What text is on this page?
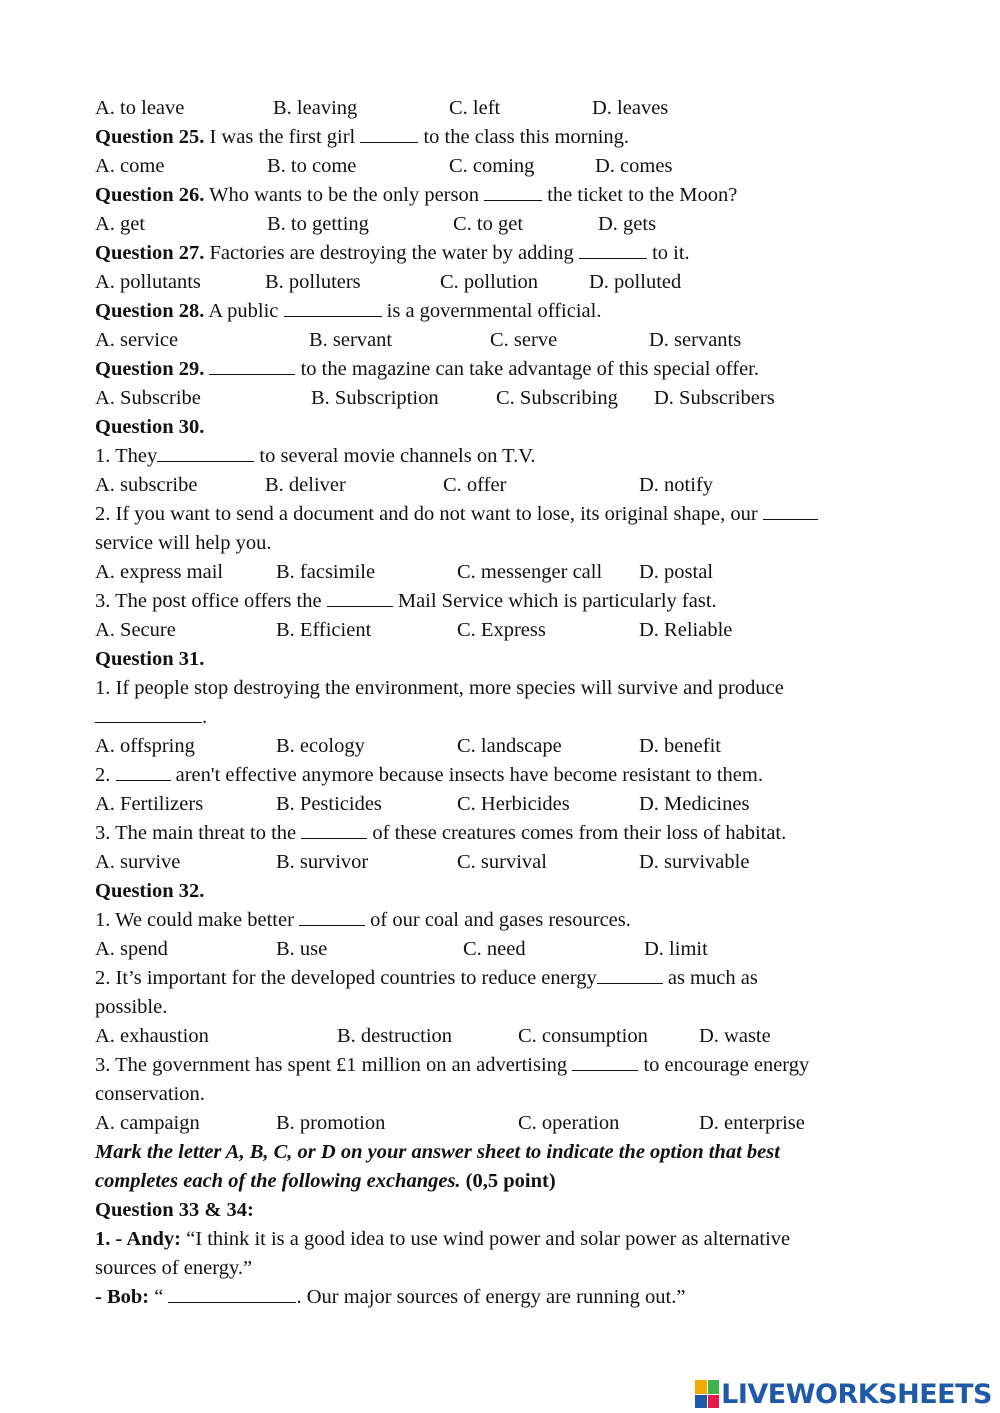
A. to leave	B. leaving	C. left	D. leaves
Question 25. I was the first girl	to the class this morning.
A. come	B. to come	C. coming	D. comes
Question 26. Who wants to be the only person	the ticket to the Moon?
A. get	B. to getting	C. to get	D. gets
Question 27. Factories are destroying the water by adding	to it.
A. pollutants	B. polluters	C. pollution D. polluted
Question 28. A public	is a governmental official.
A. service	B. servant	C. serve	D. servants
Question 29.	to the magazine can take advantage of this special offer.
A. Subscribe	B. Subscription	C. Subscribing D. Subscribers
Question 30.
1. They	to several movie channels on T.V.
A. subscribe	B. deliver	C. offer	D. notify
2. If you want to send a document and do not want to lose, its original shape, our
service will help you.
A. express mail	B. facsimile	C. messenger call D. postal
3. The post office offers the	Mail Service which is particularly fast.
A. Secure	B. Efficient	C. Express	D. Reliable
Question 31.
1. If people stop destroying the environment, more species will survive and produce
.
A. offspring	B. ecology	C. landscape	D. benefit
2.	aren't effective anymore because insects have become resistant to them.
A. Fertilizers	B. Pesticides	C. Herbicides	D. Medicines
3. The main threat to the	of these creatures comes from their loss of habitat.
A. survive	B. survivor	C. survival	D. survivable
Question 32.
1. We could make better	of our coal and gases resources.
A. spend	B. use	C. need	D. limit
2. It’s important for the developed countries to reduce energy	as much as
possible.
A. exhaustion	B. destruction	C. consumption D. waste
3. The government has spent £1 million on an advertising	to encourage energy
conservation.
A. campaign	B. promotion	C. operation	D. enterprise
Mark the letter A, B, C, or D on your answer sheet to indicate the option that best
completes each of the following exchanges. (0,5 point)
Question 33 & 34:
1. - Andy: “I think it is a good idea to use wind power and solar power as alternative
sources of energy.”
- Bob: “	. Our major sources of energy are running out.”
LIVEWORKSHEETS
